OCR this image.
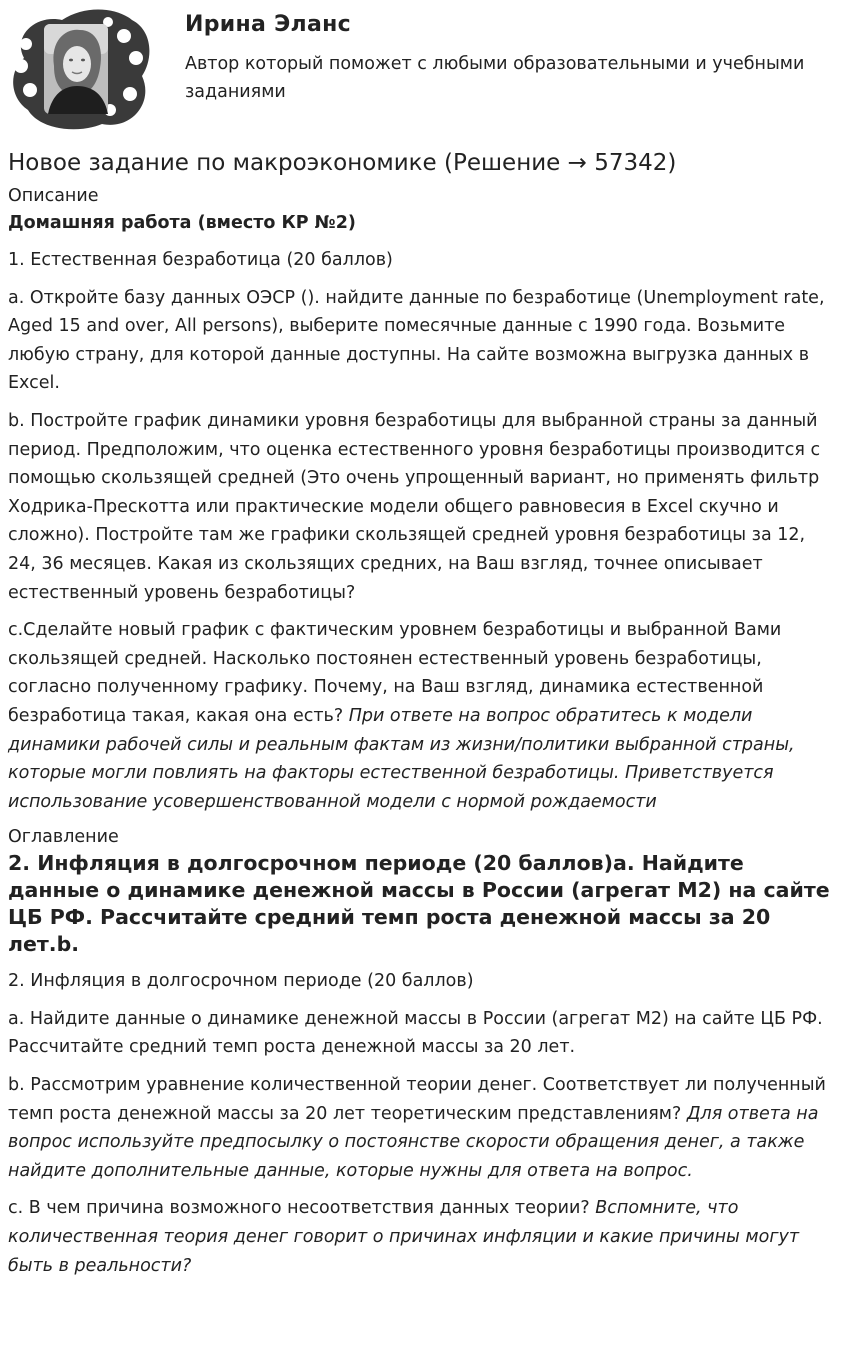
Ирина Эланс
Автор который поможет с любыми образовательными и учебными заданиями
Новое задание по макроэкономике (Решение → 57342)
Описание
Домашняя работа (вместо КР №2)

1. Естественная безработица (20 баллов)

a. Откройте базу данных ОЭСР (). найдите данные по безработице (Unemployment rate, Aged 15 and over, All persons), выберите помесячные данные с 1990 года. Возьмите любую страну, для которой данные доступны. На сайте возможна выгрузка данных в Excel.

b. Постройте график динамики уровня безработицы для выбранной страны за данный период. Предположим, что оценка естественного уровня безработицы производится с помощью скользящей средней (Это очень упрощенный вариант, но применять фильтр Ходрика-Прескотта или практические модели общего равновесия в Excel скучно и сложно). Постройте там же графики скользящей средней уровня безработицы за 12, 24, 36 месяцев. Какая из скользящих средних, на Ваш взгляд, точнее описывает естественный уровень безработицы?

c.Сделайте новый график с фактическим уровнем безработицы и выбранной Вами скользящей средней. Насколько постоянен естественный уровень безработицы, согласно полученному графику. Почему, на Ваш взгляд, динамика естественной безработица такая, какая она есть? При ответе на вопрос обратитесь к модели динамики рабочей силы и реальным фактам из жизни/политики выбранной страны, которые могли повлиять на факторы естественной безработицы. Приветствуется использование усовершенствованной модели с нормой рождаемости

Оглавление
2. Инфляция в долгосрочном периоде (20 баллов)a. Найдите данные о динамике денежной массы в России (агрегат М2) на сайте ЦБ РФ. Рассчитайте средний темп роста денежной массы за 20 лет.b.

2. Инфляция в долгосрочном периоде (20 баллов)

a. Найдите данные о динамике денежной массы в России (агрегат М2) на сайте ЦБ РФ. Рассчитайте средний темп роста денежной массы за 20 лет.

b. Рассмотрим уравнение количественной теории денег. Соответствует ли полученный темп роста денежной массы за 20 лет теоретическим представлениям? Для ответа на вопрос используйте предпосылку о постоянстве скорости обращения денег, а также найдите дополнительные данные, которые нужны для ответа на вопрос.

c. В чем причина возможного несоответствия данных теории? Вспомните, что количественная теория денег говорит о причинах инфляции и какие причины могут быть в реальности?
